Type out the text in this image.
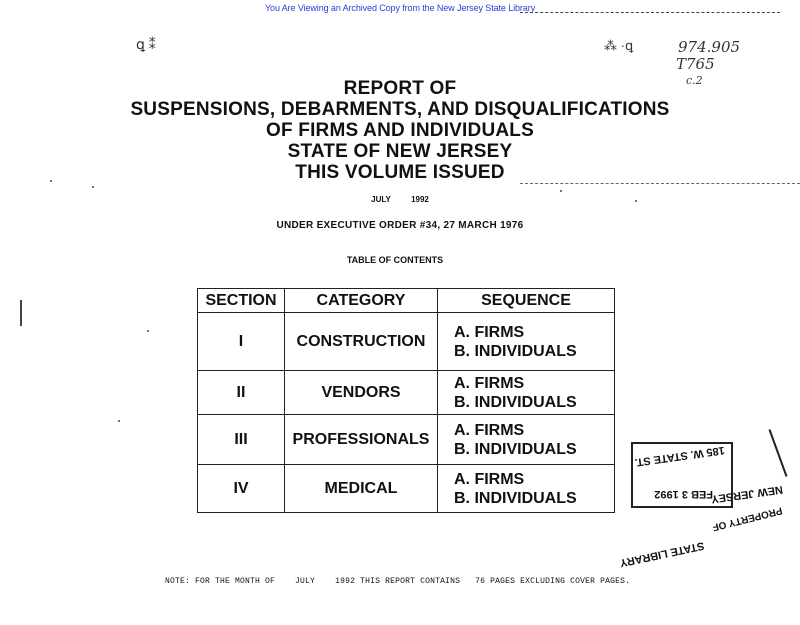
You Are Viewing an Archived Copy from the New Jersey State Library
974.905
T765
c.2
ꝗ ⁑	⁂ ·ꝗ
REPORT OF
SUSPENSIONS, DEBARMENTS, AND DISQUALIFICATIONS
OF FIRMS AND INDIVIDUALS
STATE OF NEW JERSEY
THIS VOLUME ISSUED
JULY	1992
UNDER EXECUTIVE ORDER #34, 27 MARCH 1976
TABLE OF CONTENTS
SECTION	CATEGORY	SEQUENCE
I	CONSTRUCTION	A. FIRMS
B. INDIVIDUALS

II	VENDORS	A. FIRMS
B. INDIVIDUALS

III	PROFESSIONALS	A. FIRMS
B. INDIVIDUALS

IV	MEDICAL	A. FIRMS
B. INDIVIDUALS
185 W. STATE ST.
FEB 3 1992
NEW JERSEY
PROPERTY OF
STATE LIBRARY
NOTE: FOR THE MONTH OF	JULY	1992 THIS REPORT CONTAINS 76 PAGES EXCLUDING COVER PAGES.
